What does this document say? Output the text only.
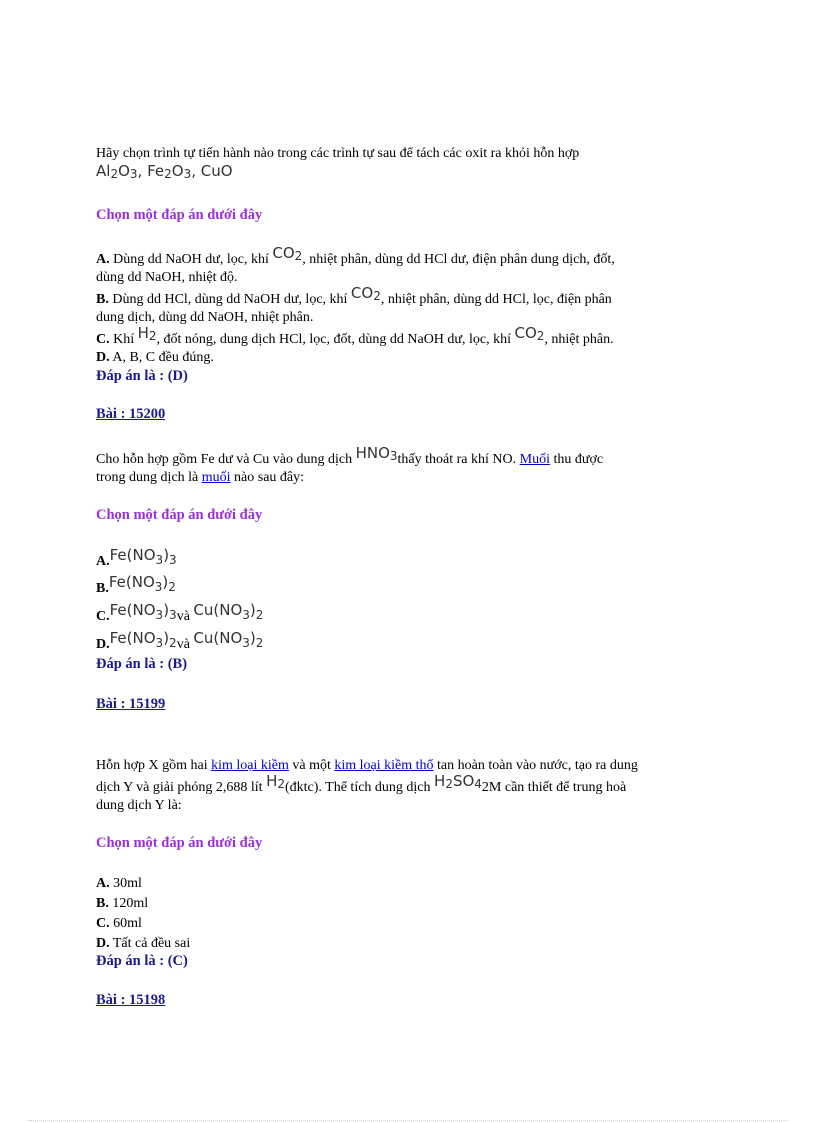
Hãy chọn trình tự tiến hành nào trong các trình tự sau để tách các oxit ra khỏi hỗn hợp
$Al_2O_3$, $Fe_2O_3$, CuO
Chọn một đáp án dưới đây
A. Dùng dd NaOH dư, lọc, khí $CO_2$, nhiệt phân, dùng dd HCl dư, điện phân dung dịch, đốt,
dùng dd NaOH, nhiệt độ.
B. Dùng dd HCl, dùng dd NaOH dư, lọc, khí $CO_2$, nhiệt phân, dùng dd HCl, lọc, điện phân
dung dịch, dùng dd NaOH, nhiệt phân.
C. Khí $H_2$, đốt nóng, dung dịch HCl, lọc, đốt, dùng dd NaOH dư, lọc, khí $CO_2$, nhiệt phân.
D. A, B, C đều đúng.
Đáp án là : (D)
Bài : 15200
Cho hỗn hợp gồm Fe dư và Cu vào dung dịch $HNO_3thấy$ thoát ra khí NO. Muối thu được
trong dung dịch là muối nào sau đây:
Chọn một đáp án dưới đây
$A.Fe(NO_3)_3$
$B.Fe(NO_3)_2$
$C.Fe(NO_3)_3và$ $Cu(NO_3)_2$
$D.Fe(NO_3)_2và$ $Cu(NO_3)_2$
Đáp án là : (B)
Bài : 15199
Hỗn hợp X gồm hai kim loại kiềm và một kim loại kiềm thổ tan hoàn toàn vào nước, tạo ra dung
dịch Y và giải phóng 2,688 lít $H_2(đktc)$. Thể tích dung dịch $H_2SO_42M$ cần thiết để trung hoà
dung dịch Y là:
Chọn một đáp án dưới đây
A. 30ml
B. 120ml
C. 60ml
D. Tất cả đều sai
Đáp án là : (C)
Bài : 15198
